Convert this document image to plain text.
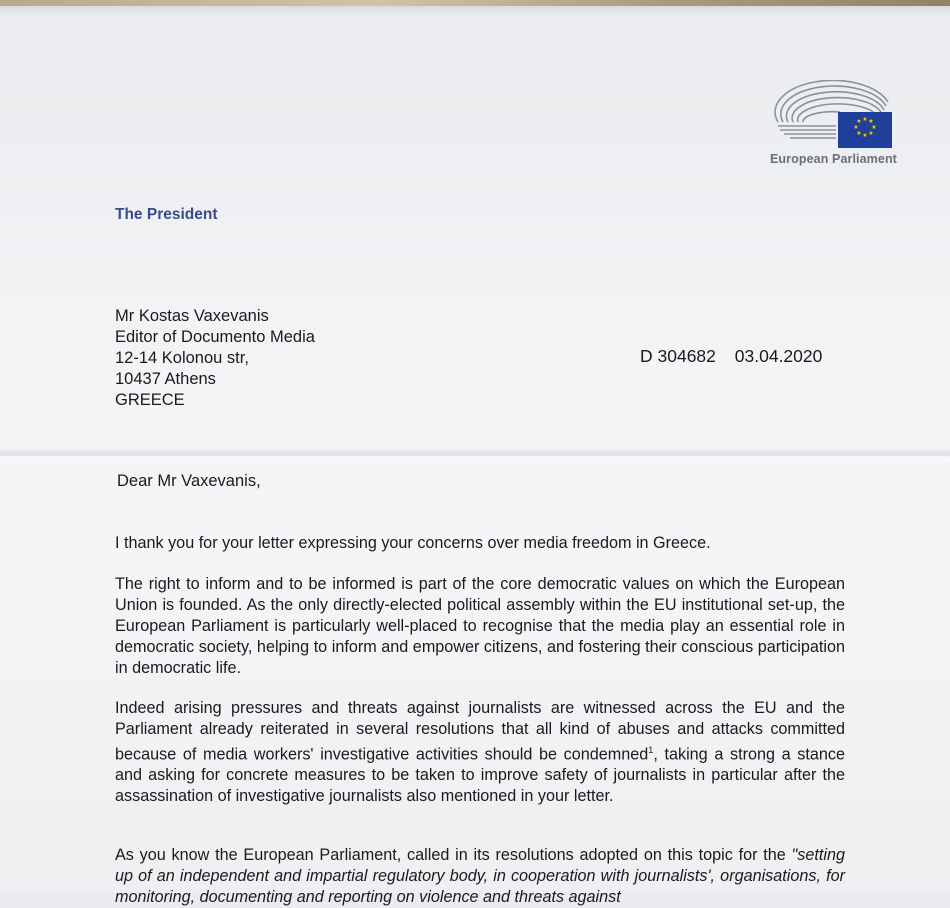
★ ★
★
★
★
★
★
★
European Parliament
The President
Mr Kostas Vaxevanis
Editor of Documento Media
12-14 Kolonou str,
10437 Athens
GREECE
D 304682 03.04.2020
Dear Mr Vaxevanis,
I thank you for your letter expressing your concerns over media freedom in Greece.
The right to inform and to be informed is part of the core democratic values on which the European Union is founded. As the only directly-elected political assembly within the EU institutional set-up, the European Parliament is particularly well-placed to recognise that the media play an essential role in democratic society, helping to inform and empower citizens, and fostering their conscious participation in democratic life.
Indeed arising pressures and threats against journalists are witnessed across the EU and the Parliament already reiterated in several resolutions that all kind of abuses and attacks committed because of media workers' investigative activities should be condemned$^1$, taking a strong a stance and asking for concrete measures to be taken to improve safety of journalists in particular after the assassination of investigative journalists also mentioned in your letter.
As you know the European Parliament, called in its resolutions adopted on this topic for the "setting up of an independent and impartial regulatory body, in cooperation with journalists', organisations, for monitoring, documenting and reporting on violence and threats against
